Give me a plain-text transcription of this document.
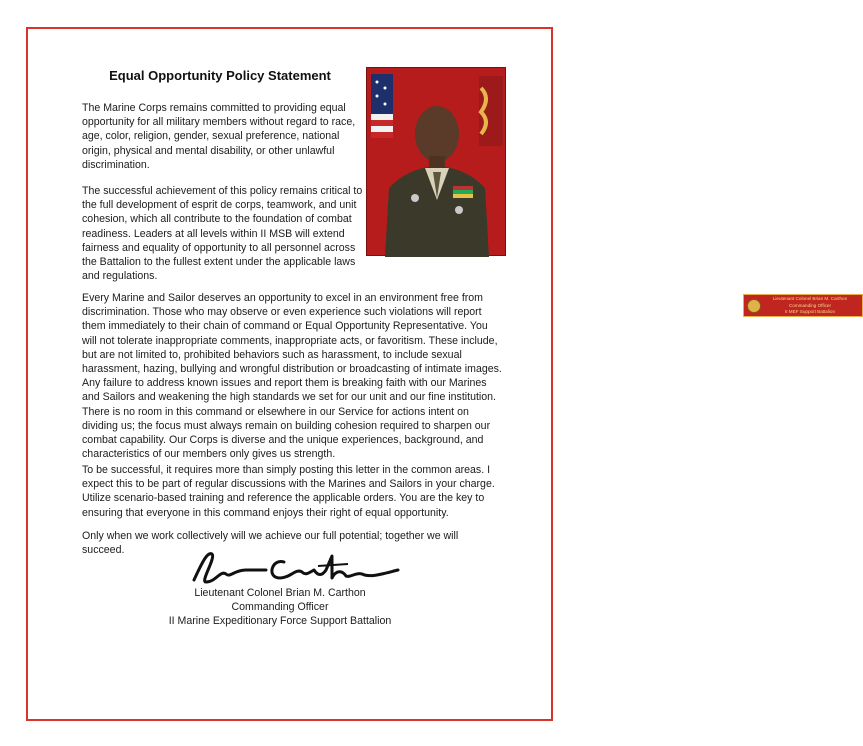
Equal Opportunity Policy Statement

The Marine Corps remains committed to providing equal opportunity for all military members without regard to race, age, color, religion, gender, sexual preference, national origin, physical and mental disability, or other unlawful discrimination.

The successful achievement of this policy remains critical to the full development of esprit de corps, teamwork, and unit cohesion, which all contribute to the foundation of combat readiness. Leaders at all levels within II MSB will extend fairness and equality of opportunity to all personnel across the Battalion to the fullest extent under the applicable laws and regulations.

Every Marine and Sailor deserves an opportunity to excel in an environment free from discrimination. Those who may observe or even experience such violations will report them immediately to their chain of command or Equal Opportunity Representative. You will not tolerate inappropriate comments, inappropriate acts, or favoritism. These include, but are not limited to, prohibited behaviors such as harassment, to include sexual harassment, hazing, bullying and wrongful distribution or broadcasting of intimate images. Any failure to address known issues and report them is breaking faith with our Marines and Sailors and weakening the high standards we set for our unit and our fine institution. There is no room in this command or elsewhere in our Service for actions intent on dividing us; the focus must always remain on building cohesion required to sharpen our combat capability. Our Corps is diverse and the unique experiences, background, and characteristics of our members only gives us strength.

To be successful, it requires more than simply posting this letter in the common areas. I expect this to be part of regular discussions with the Marines and Sailors in your charge. Utilize scenario-based training and reference the applicable orders. You are the key to ensuring that everyone in this command enjoys their right of equal opportunity.

Only when we work collectively will we achieve our full potential; together we will succeed.

Lieutenant Colonel Brian M. Carthon
Commanding Officer
II MEF Support Battalion
Lieutenant Colonel Brian M. Carthon
Commanding Officer
II Marine Expeditionary Force Support Battalion
